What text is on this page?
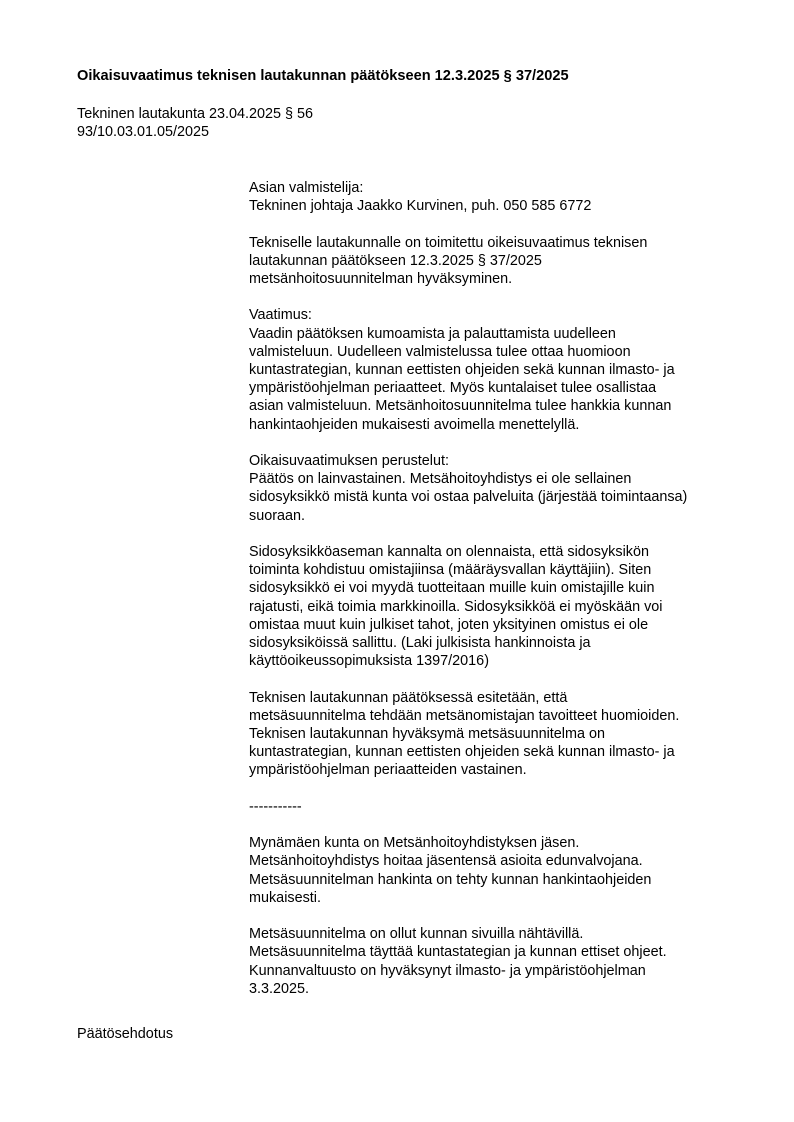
Oikaisuvaatimus teknisen lautakunnan päätökseen 12.3.2025 § 37/2025
Tekninen lautakunta 23.04.2025 § 56
93/10.03.01.05/2025
Asian valmistelija:
Tekninen johtaja Jaakko Kurvinen, puh. 050 585 6772
Tekniselle lautakunnalle on toimitettu oikeisuvaatimus teknisen
lautakunnan päätökseen 12.3.2025 § 37/2025
metsänhoitosuunnitelman hyväksyminen.
Vaatimus:
Vaadin päätöksen kumoamista ja palauttamista uudelleen
valmisteluun. Uudelleen valmistelussa tulee ottaa huomioon
kuntastrategian, kunnan eettisten ohjeiden sekä kunnan ilmasto- ja
ympäristöohjelman periaatteet. Myös kuntalaiset tulee osallistaa
asian valmisteluun. Metsänhoitosuunnitelma tulee hankkia kunnan
hankintaohjeiden mukaisesti avoimella menettelyllä.
Oikaisuvaatimuksen perustelut:
Päätös on lainvastainen. Metsähoitoyhdistys ei ole sellainen
sidosyksikkö mistä kunta voi ostaa palveluita (järjestää toimintaansa)
suoraan.
Sidosyksikköaseman kannalta on olennaista, että sidosyksikön
toiminta kohdistuu omistajiinsa (määräysvallan käyttäjiin). Siten
sidosyksikkö ei voi myydä tuotteitaan muille kuin omistajille kuin
rajatusti, eikä toimia markkinoilla. Sidosyksikköä ei myöskään voi
omistaa muut kuin julkiset tahot, joten yksityinen omistus ei ole
sidosyksiköissä sallittu. (Laki julkisista hankinnoista ja
käyttöoikeussopimuksista 1397/2016)
Teknisen lautakunnan päätöksessä esitetään, että
metsäsuunnitelma tehdään metsänomistajan tavoitteet huomioiden.
Teknisen lautakunnan hyväksymä metsäsuunnitelma on
kuntastrategian, kunnan eettisten ohjeiden sekä kunnan ilmasto- ja
ympäristöohjelman periaatteiden vastainen.
-----------
Mynämäen kunta on Metsänhoitoyhdistyksen jäsen.
Metsänhoitoyhdistys hoitaa jäsentensä asioita edunvalvojana.
Metsäsuunnitelman hankinta on tehty kunnan hankintaohjeiden
mukaisesti.
Metsäsuunnitelma on ollut kunnan sivuilla nähtävillä.
Metsäsuunnitelma täyttää kuntastategian ja kunnan ettiset ohjeet.
Kunnanvaltuusto on hyväksynyt ilmasto- ja ympäristöohjelman
3.3.2025.
Päätösehdotus
